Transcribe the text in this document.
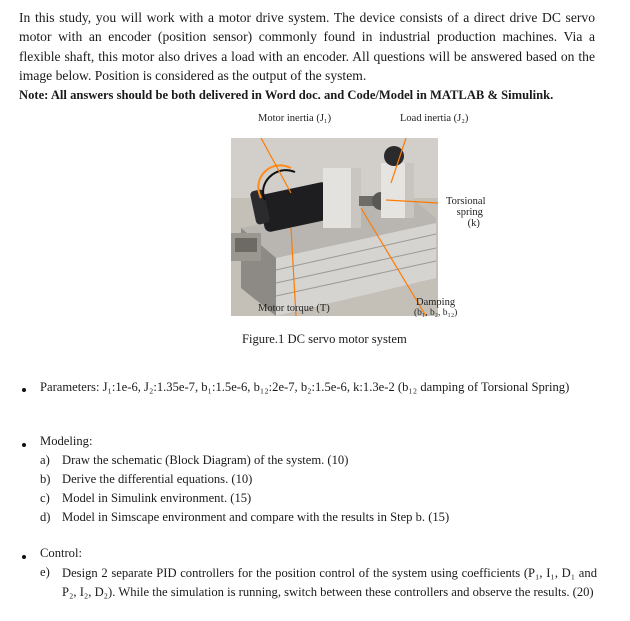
In this study, you will work with a motor drive system. The device consists of a direct drive DC servo motor with an encoder (position sensor) commonly found in industrial production machines. Via a flexible shaft, this motor also drives a load with an encoder. All questions will be answered based on the image below. Position is considered as the output of the system.

Note: All answers should be both delivered in Word doc. and Code/Model in MATLAB & Simulink.

Motor inertia (J₁)	Load inertia (J₂)
Torsional
spring
(k)
Motor torque (T)
Damping
(b₁, b₂, b₁₂)
Figure.1 DC servo motor system

Parameters: J₁:1e-6, J₂:1.35e-7, b₁:1.5e-6, b₁₂:2e-7, b₂:1.5e-6, k:1.3e-2 (b₁₂ damping of Torsional Spring)

Modeling:
a) Draw the schematic (Block Diagram) of the system. (10)
b) Derive the differential equations. (10)
c) Model in Simulink environment. (15)
d) Model in Simscape environment and compare with the results in Step b. (15)
Control:
e) Design 2 separate PID controllers for the position control of the system using coefficients (P₁, I₁, D₁ and P₂, I₂, D₂). While the simulation is running, switch between these controllers and observe the results. (20)
